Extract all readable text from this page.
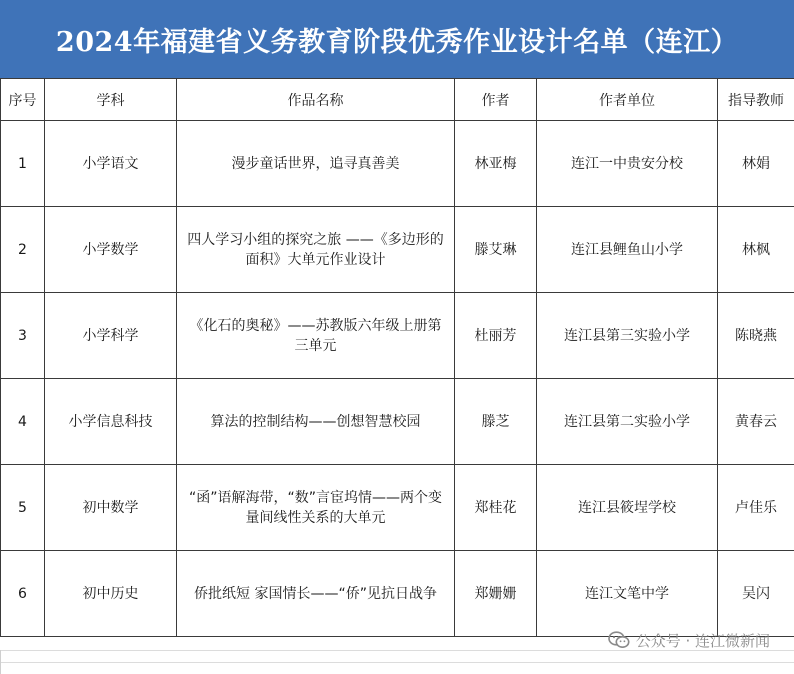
2024年福建省义务教育阶段优秀作业设计名单（连江）
序号	学科	作品名称	作者	作者单位	指导教师
1	小学语文	漫步童话世界，追寻真善美	林亚梅	连江一中贵安分校	林娟
2	小学数学	四人学习小组的探究之旅 ——《多边形的面积》大单元作业设计	滕艾琳	连江县鲤鱼山小学	林枫
3	小学科学	《化石的奥秘》——苏教版六年级上册第三单元	杜丽芳	连江县第三实验小学	陈晓燕
4	小学信息科技	算法的控制结构——创想智慧校园	滕芝	连江县第二实验小学	黄春云
5	初中数学	“函”语解海带，“数”言宦坞情——两个变量间线性关系的大单元	郑桂花	连江县筱埕学校	卢佳乐
6	初中历史	侨批纸短 家国情长——“侨”见抗日战争	郑姗姗	连江文笔中学	吴闪
公众号 · 连江微新闻
